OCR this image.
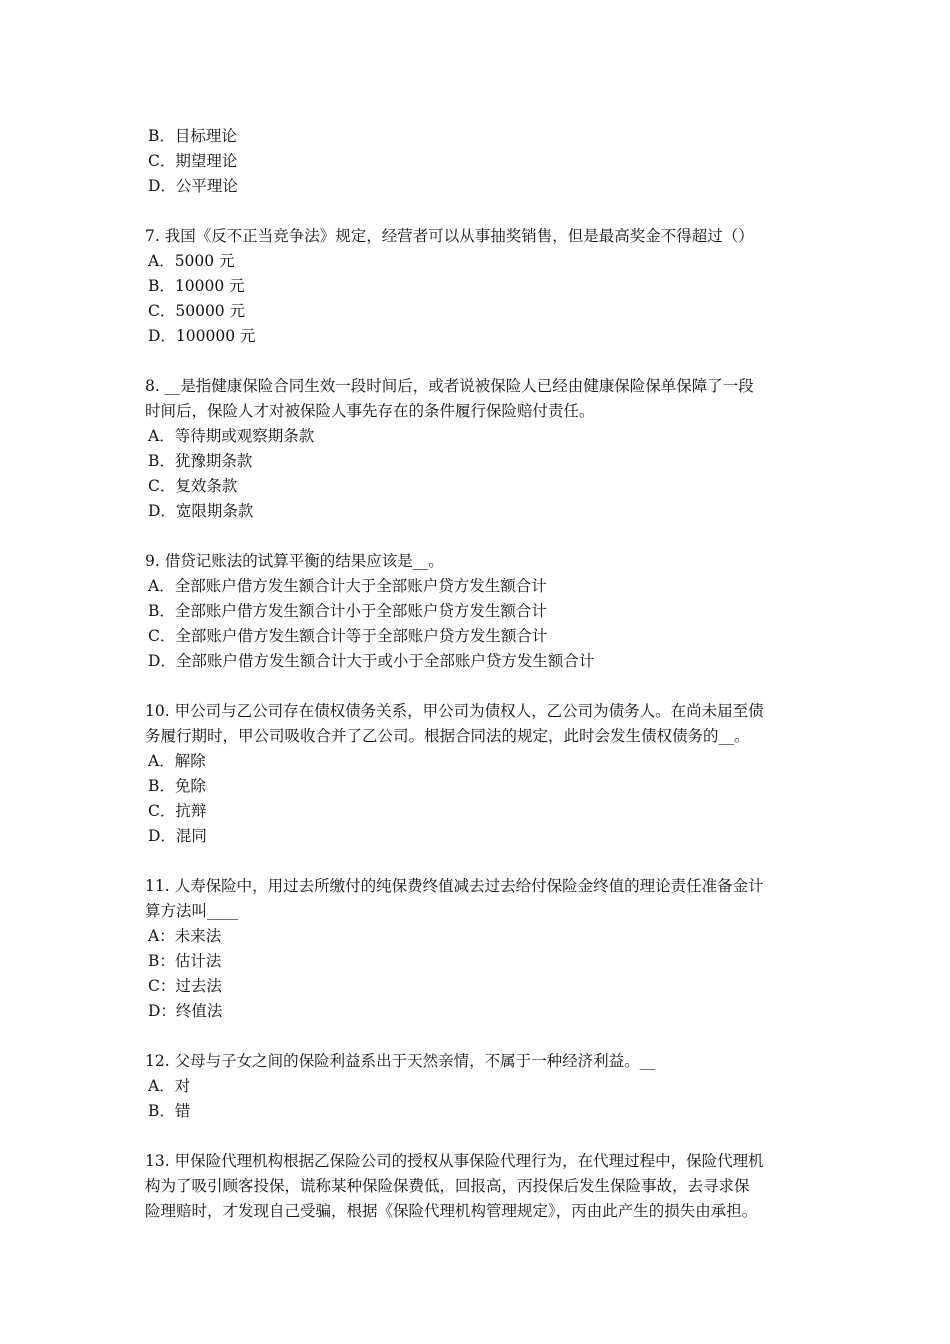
B．目标理论
C．期望理论
D．公平理论
7. 我国《反不正当竞争法》规定，经营者可以从事抽奖销售，但是最高奖金不得超过（）
A．5000 元
B．10000 元
C．50000 元
D．100000 元
8. __是指健康保险合同生效一段时间后，或者说被保险人已经由健康保险保单保障了一段
时间后，保险人才对被保险人事先存在的条件履行保险赔付责任。
A．等待期或观察期条款
B．犹豫期条款
C．复效条款
D．宽限期条款
9. 借贷记账法的试算平衡的结果应该是__。
A．全部账户借方发生额合计大于全部账户贷方发生额合计
B．全部账户借方发生额合计小于全部账户贷方发生额合计
C．全部账户借方发生额合计等于全部账户贷方发生额合计
D．全部账户借方发生额合计大于或小于全部账户贷方发生额合计
10. 甲公司与乙公司存在债权债务关系，甲公司为债权人，乙公司为债务人。在尚未届至债
务履行期时，甲公司吸收合并了乙公司。根据合同法的规定，此时会发生债权债务的__。
A．解除
B．免除
C．抗辩
D．混同
11. 人寿保险中，用过去所缴付的纯保费终值减去过去给付保险金终值的理论责任准备金计
算方法叫____
A：未来法
B：估计法
C：过去法
D：终值法
12. 父母与子女之间的保险利益系出于天然亲情，不属于一种经济利益。__
A．对
B．错
13. 甲保险代理机构根据乙保险公司的授权从事保险代理行为，在代理过程中，保险代理机
构为了吸引顾客投保，谎称某种保险保费低，回报高，丙投保后发生保险事故，去寻求保
险理赔时，才发现自己受骗，根据《保险代理机构管理规定》，丙由此产生的损失由承担。
